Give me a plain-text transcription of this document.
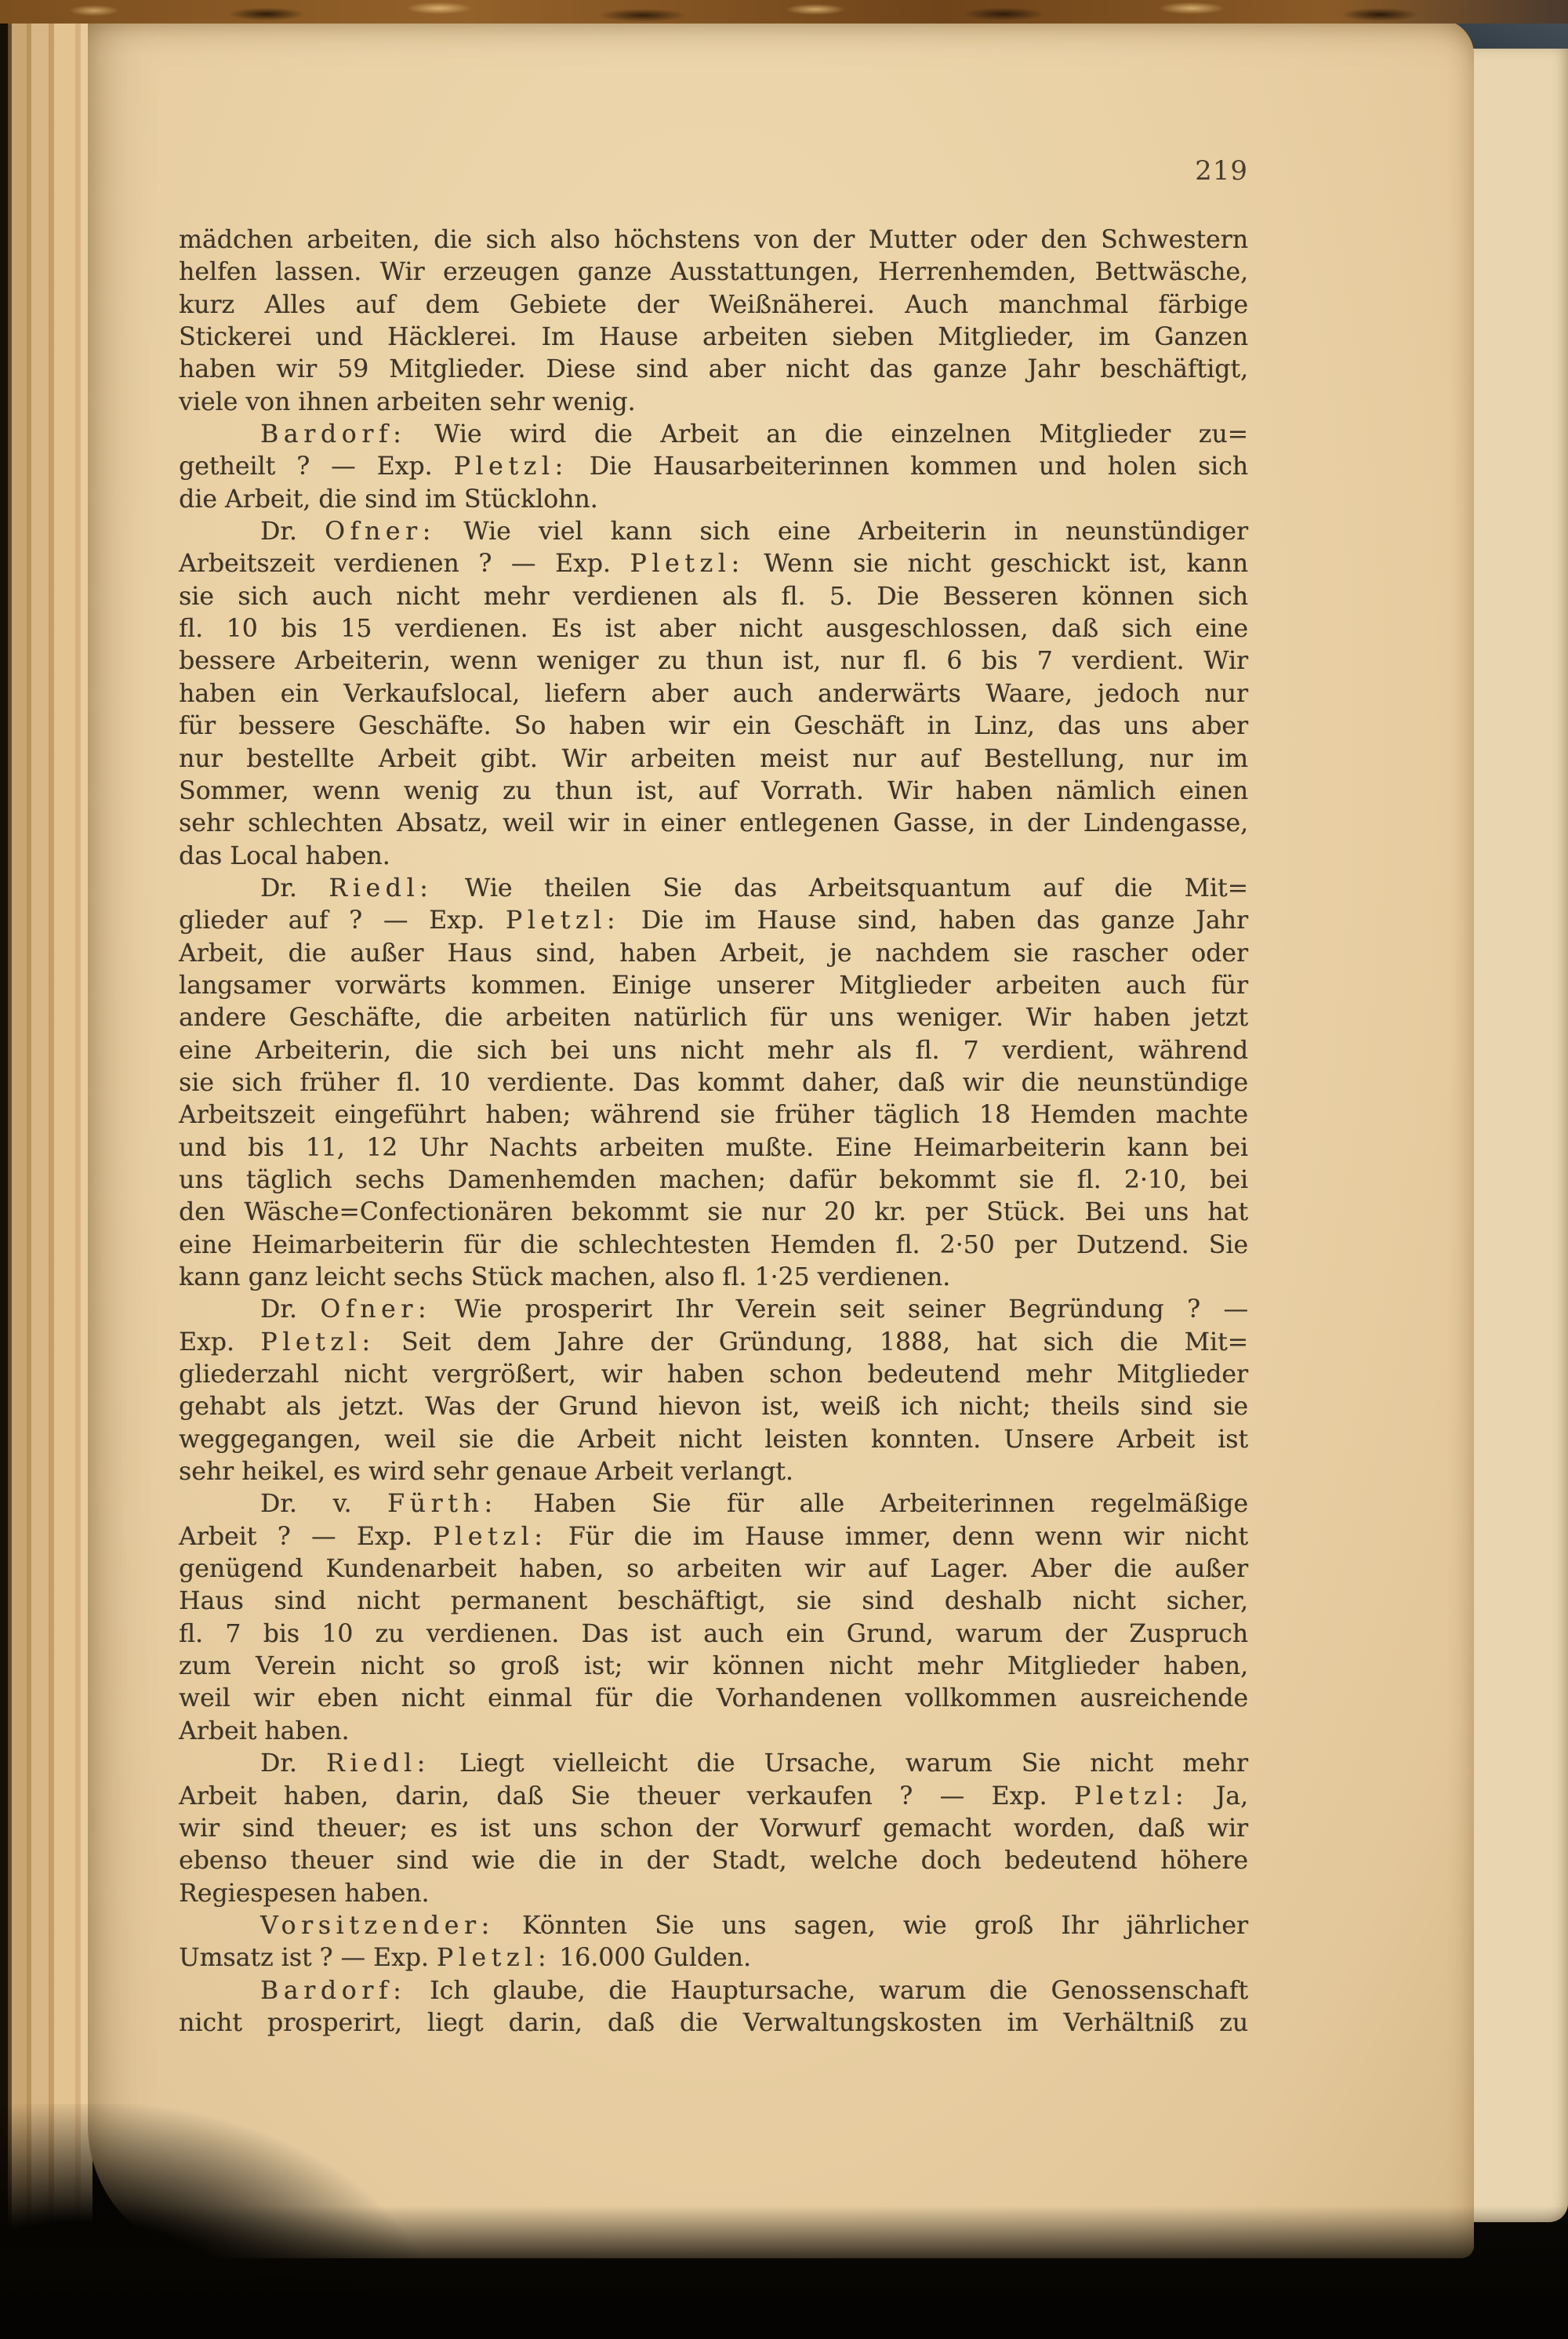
219
mädchen arbeiten, die sich also höchstens von der Mutter oder den Schwestern
helfen lassen. Wir erzeugen ganze Ausstattungen, Herrenhemden, Bettwäsche,
kurz Alles auf dem Gebiete der Weißnäherei. Auch manchmal färbige
Stickerei und Häcklerei. Im Hause arbeiten sieben Mitglieder, im Ganzen
haben wir 59 Mitglieder. Diese sind aber nicht das ganze Jahr beschäftigt,
viele von ihnen arbeiten sehr wenig.
Bardorf: Wie wird die Arbeit an die einzelnen Mitglieder zu=
getheilt ? — Exp. Pletzl: Die Hausarbeiterinnen kommen und holen sich
die Arbeit, die sind im Stücklohn.
Dr. Ofner: Wie viel kann sich eine Arbeiterin in neunstündiger
Arbeitszeit verdienen ? — Exp. Pletzl: Wenn sie nicht geschickt ist, kann
sie sich auch nicht mehr verdienen als fl. 5. Die Besseren können sich
fl. 10 bis 15 verdienen. Es ist aber nicht ausgeschlossen, daß sich eine
bessere Arbeiterin, wenn weniger zu thun ist, nur fl. 6 bis 7 verdient. Wir
haben ein Verkaufslocal, liefern aber auch anderwärts Waare, jedoch nur
für bessere Geschäfte. So haben wir ein Geschäft in Linz, das uns aber
nur bestellte Arbeit gibt. Wir arbeiten meist nur auf Bestellung, nur im
Sommer, wenn wenig zu thun ist, auf Vorrath. Wir haben nämlich einen
sehr schlechten Absatz, weil wir in einer entlegenen Gasse, in der Lindengasse,
das Local haben.
Dr. Riedl: Wie theilen Sie das Arbeitsquantum auf die Mit=
glieder auf ? — Exp. Pletzl: Die im Hause sind, haben das ganze Jahr
Arbeit, die außer Haus sind, haben Arbeit, je nachdem sie rascher oder
langsamer vorwärts kommen. Einige unserer Mitglieder arbeiten auch für
andere Geschäfte, die arbeiten natürlich für uns weniger. Wir haben jetzt
eine Arbeiterin, die sich bei uns nicht mehr als fl. 7 verdient, während
sie sich früher fl. 10 verdiente. Das kommt daher, daß wir die neunstündige
Arbeitszeit eingeführt haben; während sie früher täglich 18 Hemden machte
und bis 11, 12 Uhr Nachts arbeiten mußte. Eine Heimarbeiterin kann bei
uns täglich sechs Damenhemden machen; dafür bekommt sie fl. 2·10, bei
den Wäsche=Confectionären bekommt sie nur 20 kr. per Stück. Bei uns hat
eine Heimarbeiterin für die schlechtesten Hemden fl. 2·50 per Dutzend. Sie
kann ganz leicht sechs Stück machen, also fl. 1·25 verdienen.
Dr. Ofner: Wie prosperirt Ihr Verein seit seiner Begründung ? —
Exp. Pletzl: Seit dem Jahre der Gründung, 1888, hat sich die Mit=
gliederzahl nicht vergrößert, wir haben schon bedeutend mehr Mitglieder
gehabt als jetzt. Was der Grund hievon ist, weiß ich nicht; theils sind sie
weggegangen, weil sie die Arbeit nicht leisten konnten. Unsere Arbeit ist
sehr heikel, es wird sehr genaue Arbeit verlangt.
Dr. v. Fürth: Haben Sie für alle Arbeiterinnen regelmäßige
Arbeit ? — Exp. Pletzl: Für die im Hause immer, denn wenn wir nicht
genügend Kundenarbeit haben, so arbeiten wir auf Lager. Aber die außer
Haus sind nicht permanent beschäftigt, sie sind deshalb nicht sicher,
fl. 7 bis 10 zu verdienen. Das ist auch ein Grund, warum der Zuspruch
zum Verein nicht so groß ist; wir können nicht mehr Mitglieder haben,
weil wir eben nicht einmal für die Vorhandenen vollkommen ausreichende
Arbeit haben.
Dr. Riedl: Liegt vielleicht die Ursache, warum Sie nicht mehr
Arbeit haben, darin, daß Sie theuer verkaufen ? — Exp. Pletzl: Ja,
wir sind theuer; es ist uns schon der Vorwurf gemacht worden, daß wir
ebenso theuer sind wie die in der Stadt, welche doch bedeutend höhere
Regiespesen haben.
Vorsitzender: Könnten Sie uns sagen, wie groß Ihr jährlicher
Umsatz ist ? — Exp. Pletzl: 16.000 Gulden.
Bardorf: Ich glaube, die Hauptursache, warum die Genossenschaft
nicht prosperirt, liegt darin, daß die Verwaltungskosten im Verhältniß zu
